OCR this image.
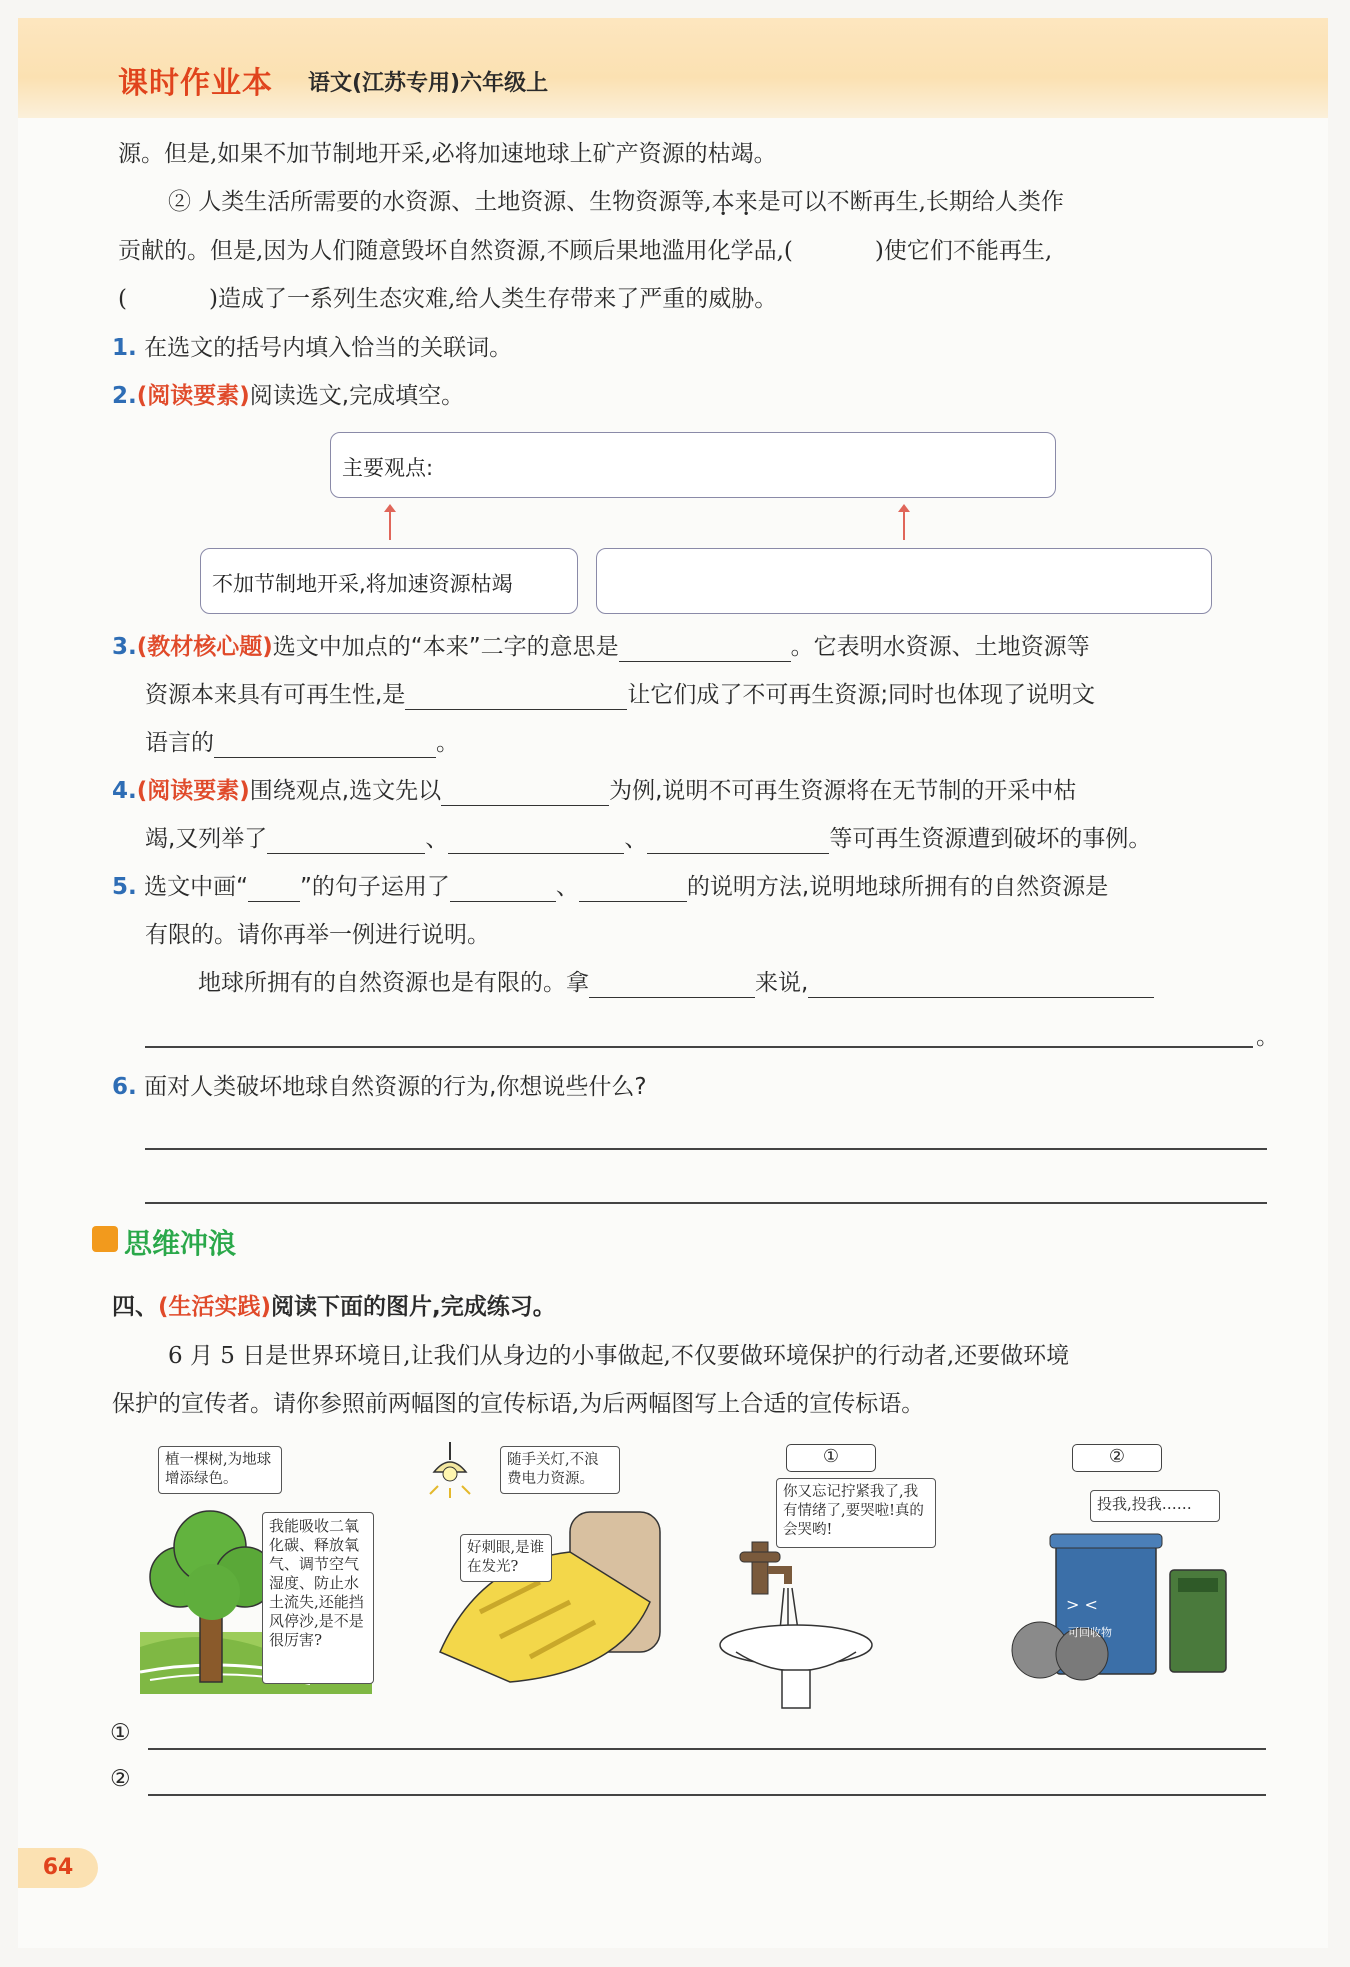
课时作业本 语文(江苏专用)六年级上
源。但是,如果不加节制地开采,必将加速地球上矿产资源的枯竭。
② 人类生活所需要的水资源、土地资源、生物资源等,本来是可以不断再生,长期给人类作
贡献的。但是,因为人们随意毁坏自然资源,不顾后果地滥用化学品,(	)使它们不能再生,
(	)造成了一系列生态灾难,给人类生存带来了严重的威胁。
1. 在选文的括号内填入恰当的关联词。
2.(阅读要素)阅读选文,完成填空。
主要观点:
不加节制地开采,将加速资源枯竭
3.(教材核心题)选文中加点的“本来”二字的意思是	。它表明水资源、土地资源等
资源本来具有可再生性,是	让它们成了不可再生资源;同时也体现了说明文
语言的	。
4.(阅读要素)围绕观点,选文先以	为例,说明不可再生资源将在无节制的开采中枯
竭,又列举了	、	、	等可再生资源遭到破坏的事例。
5. 选文中画“ ”的句子运用了	、	的说明方法,说明地球所拥有的自然资源是
有限的。请你再举一例进行说明。
地球所拥有的自然资源也是有限的。拿	来说,
。
6. 面对人类破坏地球自然资源的行为,你想说些什么?
思维冲浪
四、(生活实践)阅读下面的图片,完成练习。
6 月 5 日是世界环境日,让我们从身边的小事做起,不仅要做环境保护的行动者,还要做环境
保护的宣传者。请你参照前两幅图的宣传标语,为后两幅图写上合适的宣传标语。
植一棵树,为地球增添绿色。
我能吸收二氧化碳、释放氧气、调节空气湿度、防止水土流失,还能挡风停沙,是不是很厉害?
随手关灯,不浪费电力资源。
好刺眼,是谁在发光?
①
你又忘记拧紧我了,我有情绪了,要哭啦!真的会哭哟!
②
投我,投我……
> <
可回收物
①
②
64
